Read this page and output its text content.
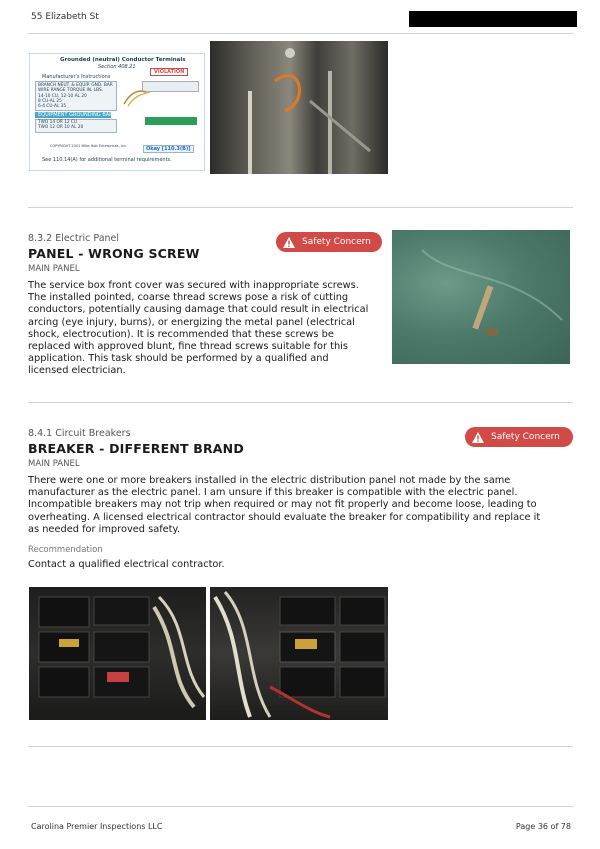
55 Elizabeth St
Grounded (neutral) Conductor Terminals
Section 408.21
VIOLATION
Manufacturer's Instructions
BRANCH NEUT. & EQUIP. GND. BAR
WIRE RANGE TORQUE IN. LBS.
14-10 CU, 12-10 AL 20
8 CU-AL 25
6-4 CU-AL 35
EQUIPMENT GROUNDING BAR
TWO 14 OR 12 CU
TWO 12 OR 10 AL 20
COPYRIGHT 2001 Mike Holt Enterprises, Inc.	Okay [110.3(B)]
See 110.14(A) for additional terminal requirements.
8.3.2 Electric Panel
PANEL - WRONG SCREW
MAIN PANEL
Safety Concern
The service box front cover was secured with inappropriate screws.
The installed pointed, coarse thread screws pose a risk of cutting
conductors, potentially causing damage that could result in electrical
arcing (eye injury, burns), or energizing the metal panel (electrical
shock, electrocution). It is recommended that these screws be
replaced with approved blunt, fine thread screws suitable for this
application. This task should be performed by a qualified and
licensed electrician.
8.4.1 Circuit Breakers
BREAKER - DIFFERENT BRAND
MAIN PANEL
Safety Concern
There were one or more breakers installed in the electric distribution panel not made by the same
manufacturer as the electric panel. I am unsure if this breaker is compatible with the electric panel.
Incompatible breakers may not trip when required or may not fit properly and become loose, leading to
overheating. A licensed electrical contractor should evaluate the breaker for compatibility and replace it
as needed for improved safety.
Recommendation
Contact a qualified electrical contractor.
Carolina Premier Inspections LLC	Page 36 of 78
